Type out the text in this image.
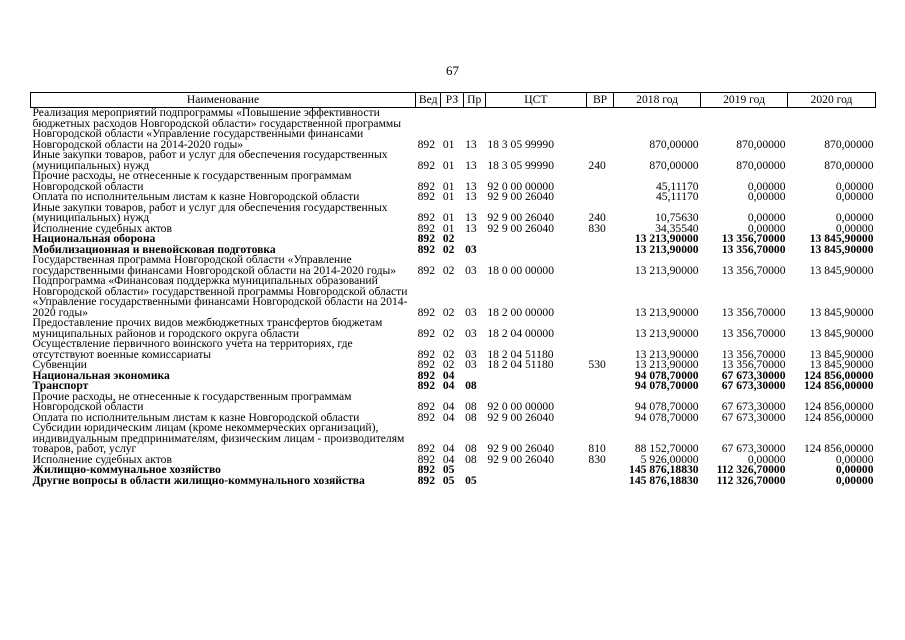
67
Наименование	Вед	РЗ	Пр	ЦСТ	ВР	2018 год	2019 год	2020 год
Реализация мероприятий подпрограммы «Повышение эффективности бюджетных расходов Новгородской области» государственной программы Новгородской области «Управление государственными финансами Новгородской области на 2014-2020 годы»	892	01	13	18 3 05 99990		870,00000	870,00000	870,00000
Иные закупки товаров, работ и услуг для обеспечения государственных (муниципальных) нужд	892	01	13	18 3 05 99990	240	870,00000	870,00000	870,00000
Прочие расходы, не отнесенные к государственным программам Новгородской области	892	01	13	92 0 00 00000		45,11170	0,00000	0,00000
Оплата по исполнительным листам к казне Новгородской области	892	01	13	92 9 00 26040		45,11170	0,00000	0,00000
Иные закупки товаров, работ и услуг для обеспечения государственных (муниципальных) нужд	892	01	13	92 9 00 26040	240	10,75630	0,00000	0,00000
Исполнение судебных актов	892	01	13	92 9 00 26040	830	34,35540	0,00000	0,00000
Национальная оборона	892	02				13 213,90000	13 356,70000	13 845,90000
Мобилизационная и вневойсковая подготовка	892	02	03			13 213,90000	13 356,70000	13 845,90000
Государственная программа Новгородской области «Управление государственными финансами Новгородской области на 2014-2020 годы»	892	02	03	18 0 00 00000		13 213,90000	13 356,70000	13 845,90000
Подпрограмма «Финансовая поддержка муниципальных образований Новгородской области» государственной программы Новгородской области «Управление государственными финансами Новгородской области на 2014-2020 годы»	892	02	03	18 2 00 00000		13 213,90000	13 356,70000	13 845,90000
Предоставление прочих видов межбюджетных трансфертов бюджетам муниципальных районов и городского округа области	892	02	03	18 2 04 00000		13 213,90000	13 356,70000	13 845,90000
Осуществление первичного воинского учета на территориях, где отсутствуют военные комиссариаты	892	02	03	18 2 04 51180		13 213,90000	13 356,70000	13 845,90000
Субвенции	892	02	03	18 2 04 51180	530	13 213,90000	13 356,70000	13 845,90000
Национальная экономика	892	04				94 078,70000	67 673,30000	124 856,00000
Транспорт	892	04	08			94 078,70000	67 673,30000	124 856,00000
Прочие расходы, не отнесенные к государственным программам Новгородской области	892	04	08	92 0 00 00000		94 078,70000	67 673,30000	124 856,00000
Оплата по исполнительным листам к казне Новгородской области	892	04	08	92 9 00 26040		94 078,70000	67 673,30000	124 856,00000
Субсидии юридическим лицам (кроме некоммерческих организаций), индивидуальным предпринимателям, физическим лицам - производителям товаров, работ, услуг	892	04	08	92 9 00 26040	810	88 152,70000	67 673,30000	124 856,00000
Исполнение судебных актов	892	04	08	92 9 00 26040	830	5 926,00000	0,00000	0,00000
Жилищно-коммунальное хозяйство	892	05				145 876,18830	112 326,70000	0,00000
Другие вопросы в области жилищно-коммунального хозяйства	892	05	05			145 876,18830	112 326,70000	0,00000
